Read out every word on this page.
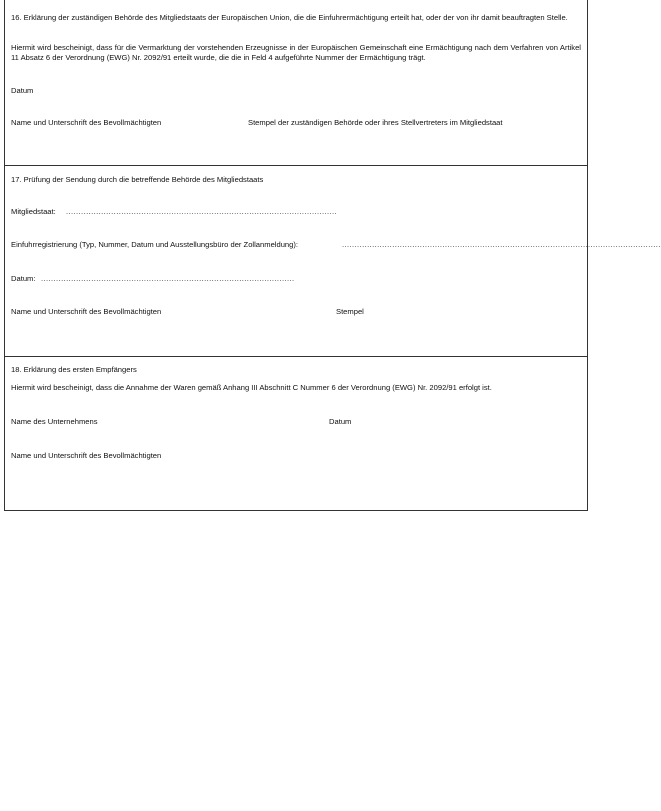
16. Erklärung der zuständigen Behörde des Mitgliedstaats der Europäischen Union, die die Einfuhrermächtigung erteilt hat, oder der von ihr damit beauftragten Stelle.
Hiermit wird bescheinigt, dass für die Vermarktung der vorstehenden Erzeugnisse in der Europäischen Gemeinschaft eine Ermächtigung nach dem Verfahren von Artikel 11 Absatz 6 der Verordnung (EWG) Nr. 2092/91 erteilt wurde, die die in Feld 4 aufgeführte Nummer der Ermächtigung trägt.
Datum
Name und Unterschrift des Bevollmächtigten	Stempel der zuständigen Behörde oder ihres Stellvertreters im Mitgliedstaat
17. Prüfung der Sendung durch die betreffende Behörde des Mitgliedstaats
Mitgliedstaat: ............................................................................................................
Einfuhrregistrierung (Typ, Nummer, Datum und Ausstellungsbüro der Zollanmeldung):	...............................................................................................................................
Datum: .....................................................................................................
Name und Unterschrift des Bevollmächtigten	Stempel
18. Erklärung des ersten Empfängers
Hiermit wird bescheinigt, dass die Annahme der Waren gemäß Anhang III Abschnitt C Nummer 6 der Verordnung (EWG) Nr. 2092/91 erfolgt ist.
Name des Unternehmens	Datum
Name und Unterschrift des Bevollmächtigten
